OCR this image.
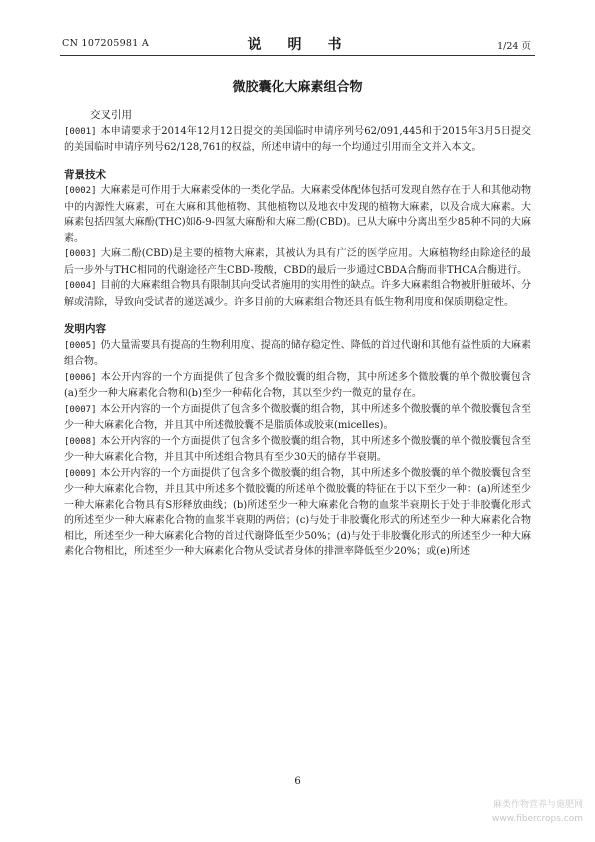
CN 107205981 A	说　明　书	1/24 页
微胶囊化大麻素组合物

交叉引用

[0001] 本申请要求于2014年12月12日提交的美国临时申请序列号62/091,445和于2015年3月5日提交的美国临时申请序列号62/128,761的权益，所述申请中的每一个均通过引用而全文并入本文。

背景技术

[0002] 大麻素是可作用于大麻素受体的一类化学品。大麻素受体配体包括可发现自然存在于人和其他动物中的内源性大麻素，可在大麻和其他植物、其他植物以及地衣中发现的植物大麻素，以及合成大麻素。大麻素包括四氢大麻酚(THC)如δ-9-四氢大麻酚和大麻二酚(CBD)。已从大麻中分离出至少85种不同的大麻素。

[0003] 大麻二酚(CBD)是主要的植物大麻素，其被认为具有广泛的医学应用。大麻植物经由除途径的最后一步外与THC相同的代谢途径产生CBD-羧酸，CBD的最后一步通过CBDA合酶而非THCA合酶进行。

[0004] 目前的大麻素组合物具有限制其向受试者施用的实用性的缺点。许多大麻素组合物被肝脏破坏、分解或清除，导致向受试者的递送减少。许多目前的大麻素组合物还具有低生物利用度和保质期稳定性。

发明内容

[0005] 仍大量需要具有提高的生物利用度、提高的储存稳定性、降低的首过代谢和其他有益性质的大麻素组合物。

[0006] 本公开内容的一个方面提供了包含多个微胶囊的组合物，其中所述多个微胶囊的单个微胶囊包含(a)至少一种大麻素化合物和(b)至少一种萜化合物，其以至少约一微克的量存在。

[0007] 本公开内容的一个方面提供了包含多个微胶囊的组合物，其中所述多个微胶囊的单个微胶囊包含至少一种大麻素化合物，并且其中所述微胶囊不是脂质体或胶束(micelles)。

[0008] 本公开内容的一个方面提供了包含多个微胶囊的组合物，其中所述多个微胶囊的单个微胶囊包含至少一种大麻素化合物，并且其中所述组合物具有至少30天的储存半衰期。

[0009] 本公开内容的一个方面提供了包含多个微胶囊的组合物，其中所述多个微胶囊的单个微胶囊包含至少一种大麻素化合物，并且其中所述多个微胶囊的所述单个微胶囊的特征在于以下至少一种：(a)所述至少一种大麻素化合物具有S形释放曲线；(b)所述至少一种大麻素化合物的血浆半衰期长于处于非胶囊化形式的所述至少一种大麻素化合物的血浆半衰期的两倍；(c)与处于非胶囊化形式的所述至少一种大麻素化合物相比，所述至少一种大麻素化合物的首过代谢降低至少50%；(d)与处于非胶囊化形式的所述至少一种大麻素化合物相比，所述至少一种大麻素化合物从受试者身体的排泄率降低至少20%；或(e)所述

6
麻类作物营养与施肥网
www.fibercrops.com
